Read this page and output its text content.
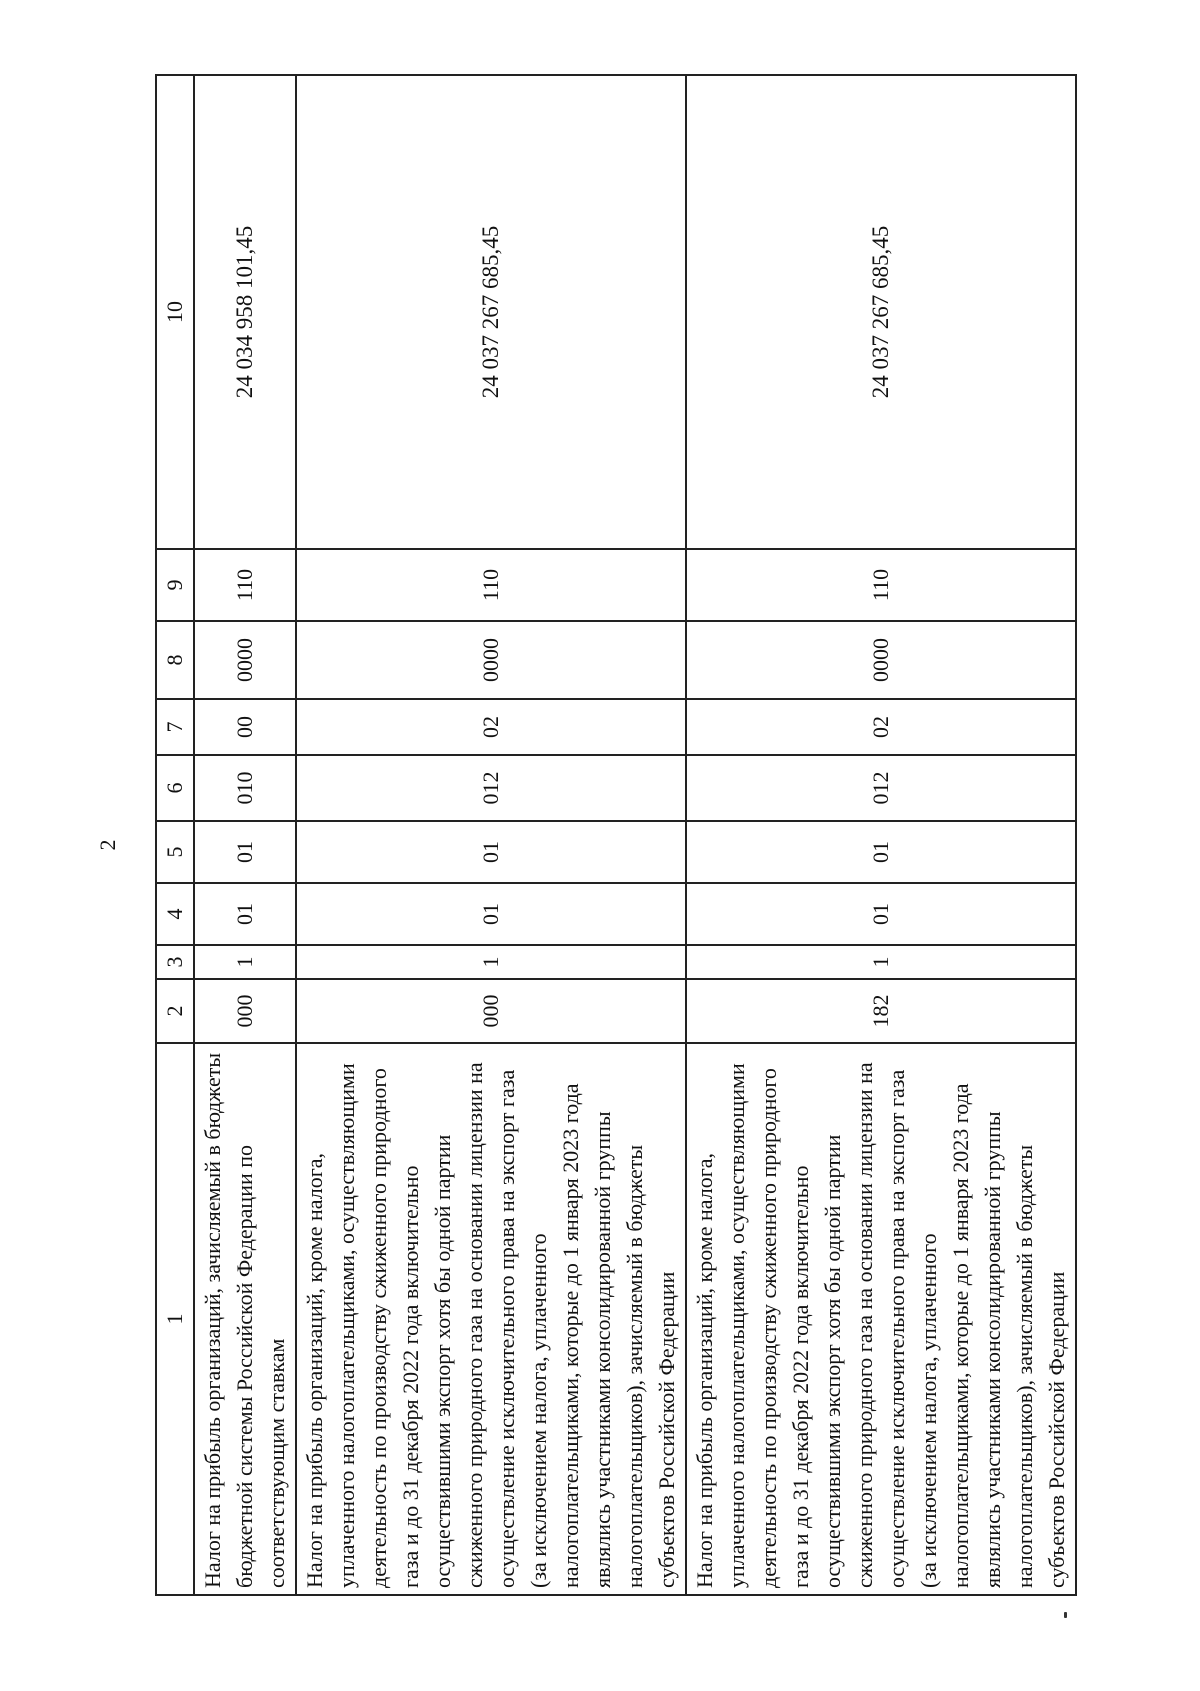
2
1	2	3	4	5	6	7	8	9	10
Налог на прибыль организаций, зачисляемый в бюджеты бюджетной системы Российской Федерации по соответствующим ставкам	000	1	01	01	010	00	0000	110	24 034 958 101,45
Налог на прибыль организаций, кроме налога, уплаченного налогоплательщиками, осуществляющими деятельность по производству сжиженного природного газа и до 31 декабря 2022 года включительно осуществившими экспорт хотя бы одной партии сжиженного природного газа на основании лицензии на осуществление исключительного права на экспорт газа (за исключением налога, уплаченного налогоплательщиками, которые до 1 января 2023 года являлись участниками консолидированной группы налогоплательщиков), зачисляемый в бюджеты субъектов Российской Федерации	000	1	01	01	012	02	0000	110	24 037 267 685,45
Налог на прибыль организаций, кроме налога, уплаченного налогоплательщиками, осуществляющими деятельность по производству сжиженного природного газа и до 31 декабря 2022 года включительно осуществившими экспорт хотя бы одной партии сжиженного природного газа на основании лицензии на осуществление исключительного права на экспорт газа (за исключением налога, уплаченного налогоплательщиками, которые до 1 января 2023 года являлись участниками консолидированной группы налогоплательщиков), зачисляемый в бюджеты субъектов Российской Федерации	182	1	01	01	012	02	0000	110	24 037 267 685,45
